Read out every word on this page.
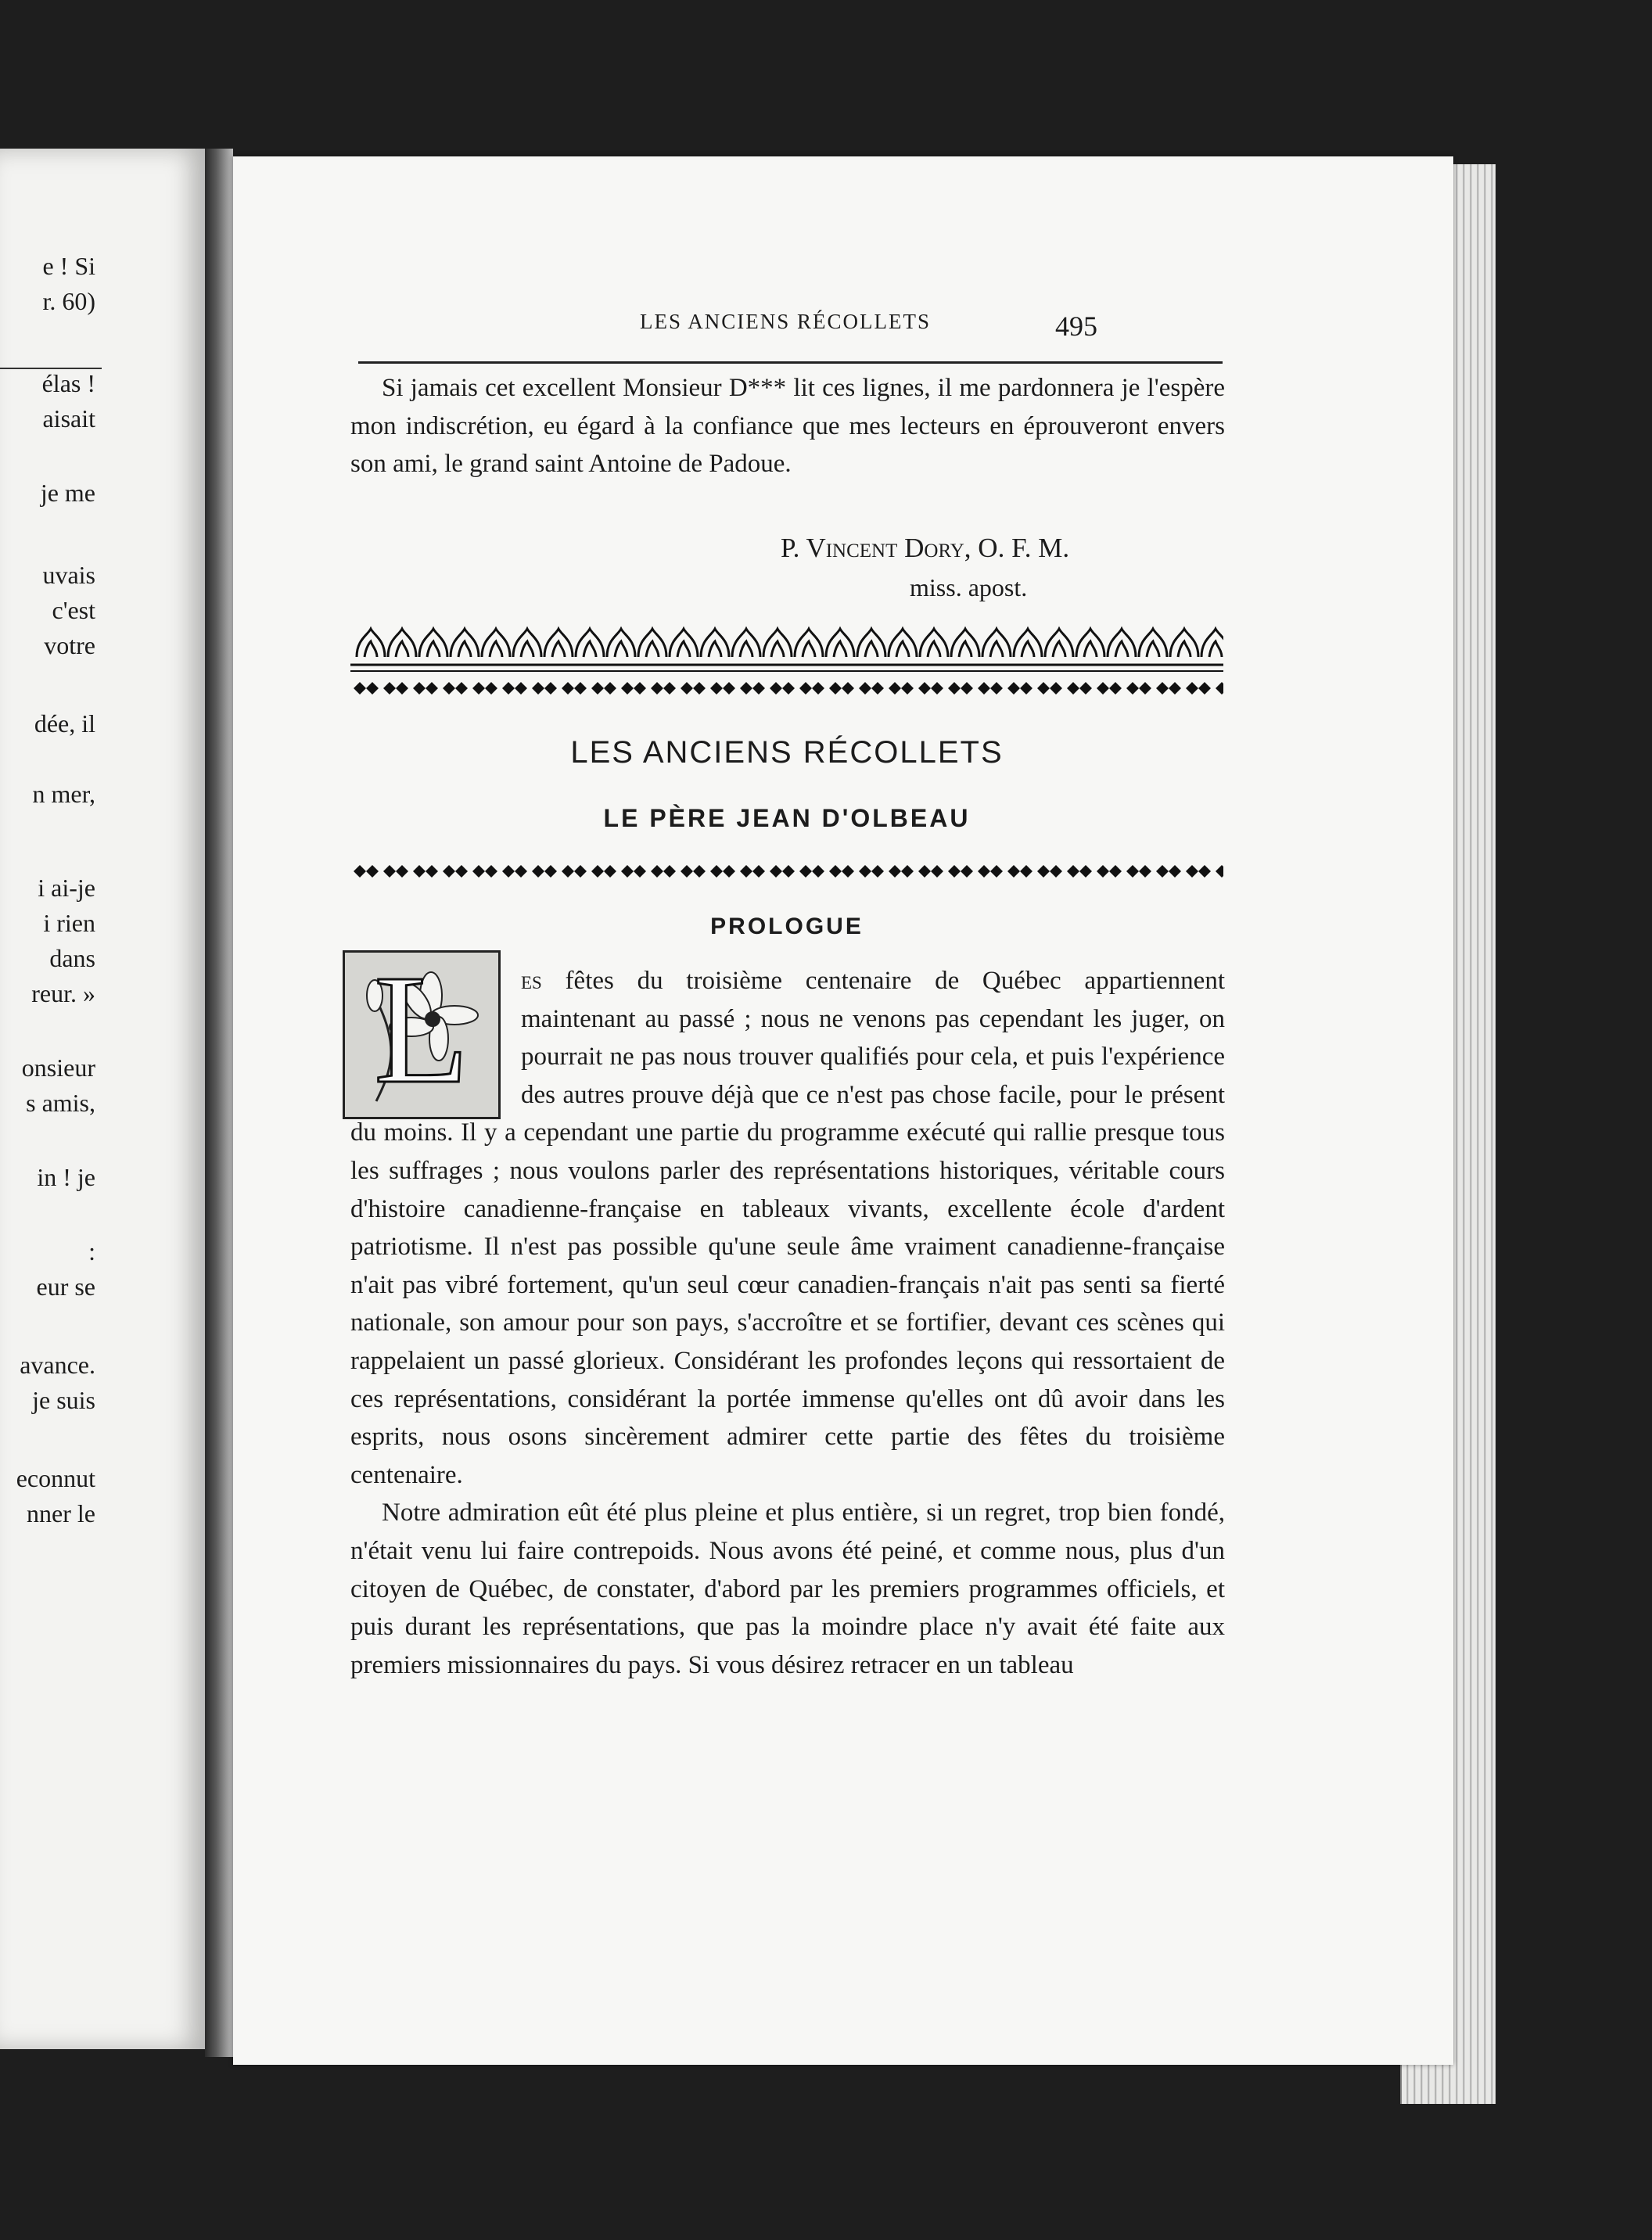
e ! Si
r. 60)
élas !
aisait
je me
uvais
c'est
votre
dée, il
n mer,
i ai-je
i rien
dans
reur. »
onsieur
s amis,
in ! je
:
eur se
avance.
je suis
econnut
nner le
LES ANCIENS RÉCOLLETS	495

Si jamais cet excellent Monsieur D*** lit ces lignes, il me pardonnera je l'espère mon indiscrétion, eu égard à la confiance que mes lecteurs en éprouveront envers son ami, le grand saint Antoine de Padoue.

P. Vincent Dory, O. F. M.
miss. apost.
LES ANCIENS RÉCOLLETS
LE PÈRE JEAN D'OLBEAU
PROLOGUE
L	es fêtes du troisième centenaire de Québec appartiennent maintenant au passé ; nous ne venons pas cependant les juger, on pourrait ne pas nous trouver qualifiés pour cela, et puis l'expérience des autres prouve déjà que ce n'est pas chose facile, pour le présent du moins. Il y a cependant une partie du programme exécuté qui rallie presque tous les suffrages ; nous voulons parler des représentations historiques, véritable cours d'histoire canadienne-française en tableaux vivants, excellente école d'ardent patriotisme. Il n'est pas possible qu'une seule âme vraiment canadienne-française n'ait pas vibré fortement, qu'un seul cœur canadien-français n'ait pas senti sa fierté nationale, son amour pour son pays, s'accroître et se fortifier, devant ces scènes qui rappelaient un passé glorieux. Considérant les profondes leçons qui ressortaient de ces représentations, considérant la portée immense qu'elles ont dû avoir dans les esprits, nous osons sincèrement admirer cette partie des fêtes du troisième centenaire.

Notre admiration eût été plus pleine et plus entière, si un regret, trop bien fondé, n'était venu lui faire contrepoids. Nous avons été peiné, et comme nous, plus d'un citoyen de Québec, de constater, d'abord par les premiers programmes officiels, et puis durant les représentations, que pas la moindre place n'y avait été faite aux premiers missionnaires du pays. Si vous désirez retracer en un tableau
